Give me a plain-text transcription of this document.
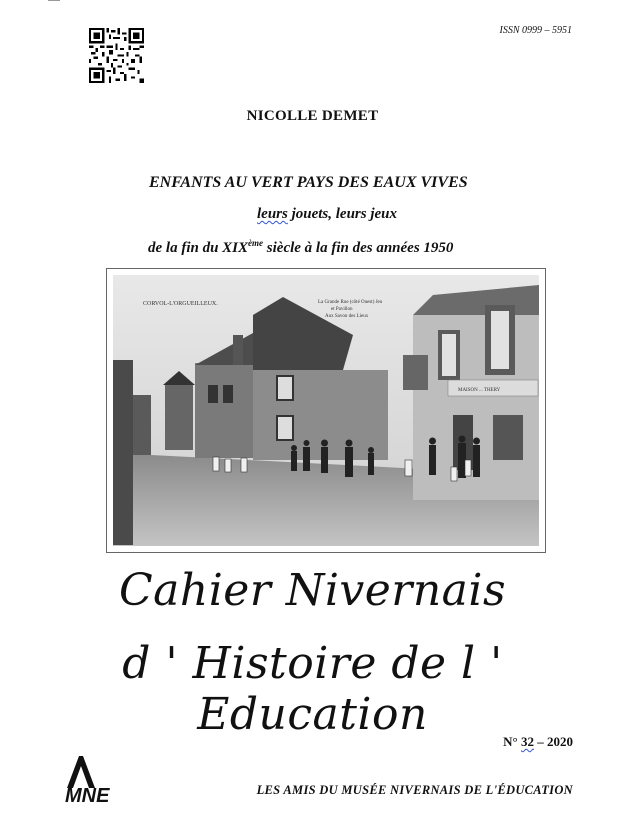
ISSN 0999 – 5951
NICOLLE DEMET
ENFANTS AU VERT PAYS DES EAUX VIVES
leurs jouets, leurs jeux
de la fin du XIXème siècle à la fin des années 1950
CORVOL-L'ORGUEILLEUX.	La Grande Rue (côté Ouest) Jeu
et Pavillon
Aux Savon des Lieux
MAISON ... THERY
Cahier Nivernais
d ' Histoire de l ' Education
N° 32 – 2020
MNE	LES AMIS DU MUSÉE NIVERNAIS DE L'ÉDUCATION
